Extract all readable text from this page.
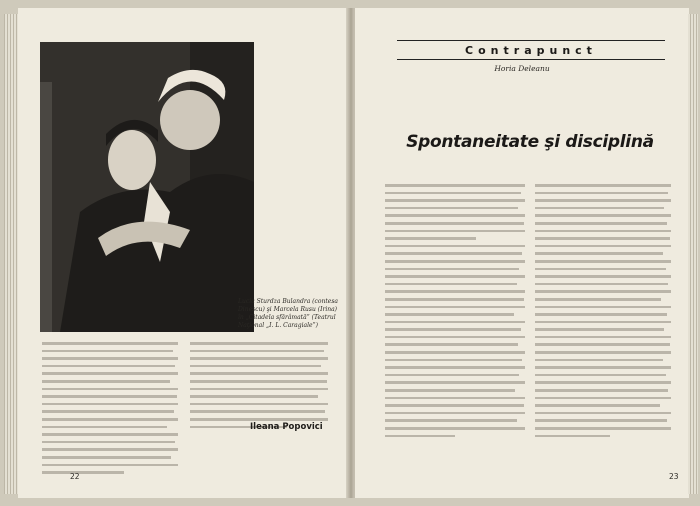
Lucia Sturdza Bulandra (contesa Dinescu) şi Marcela Rusu (Irina) în „Citadela sfărâmată” (Teatrul Naţional „I. L. Caragiale”)
Ileana Popovici
22
Contrapunct
Horia Deleanu
Spontaneitate şi disciplină
23
